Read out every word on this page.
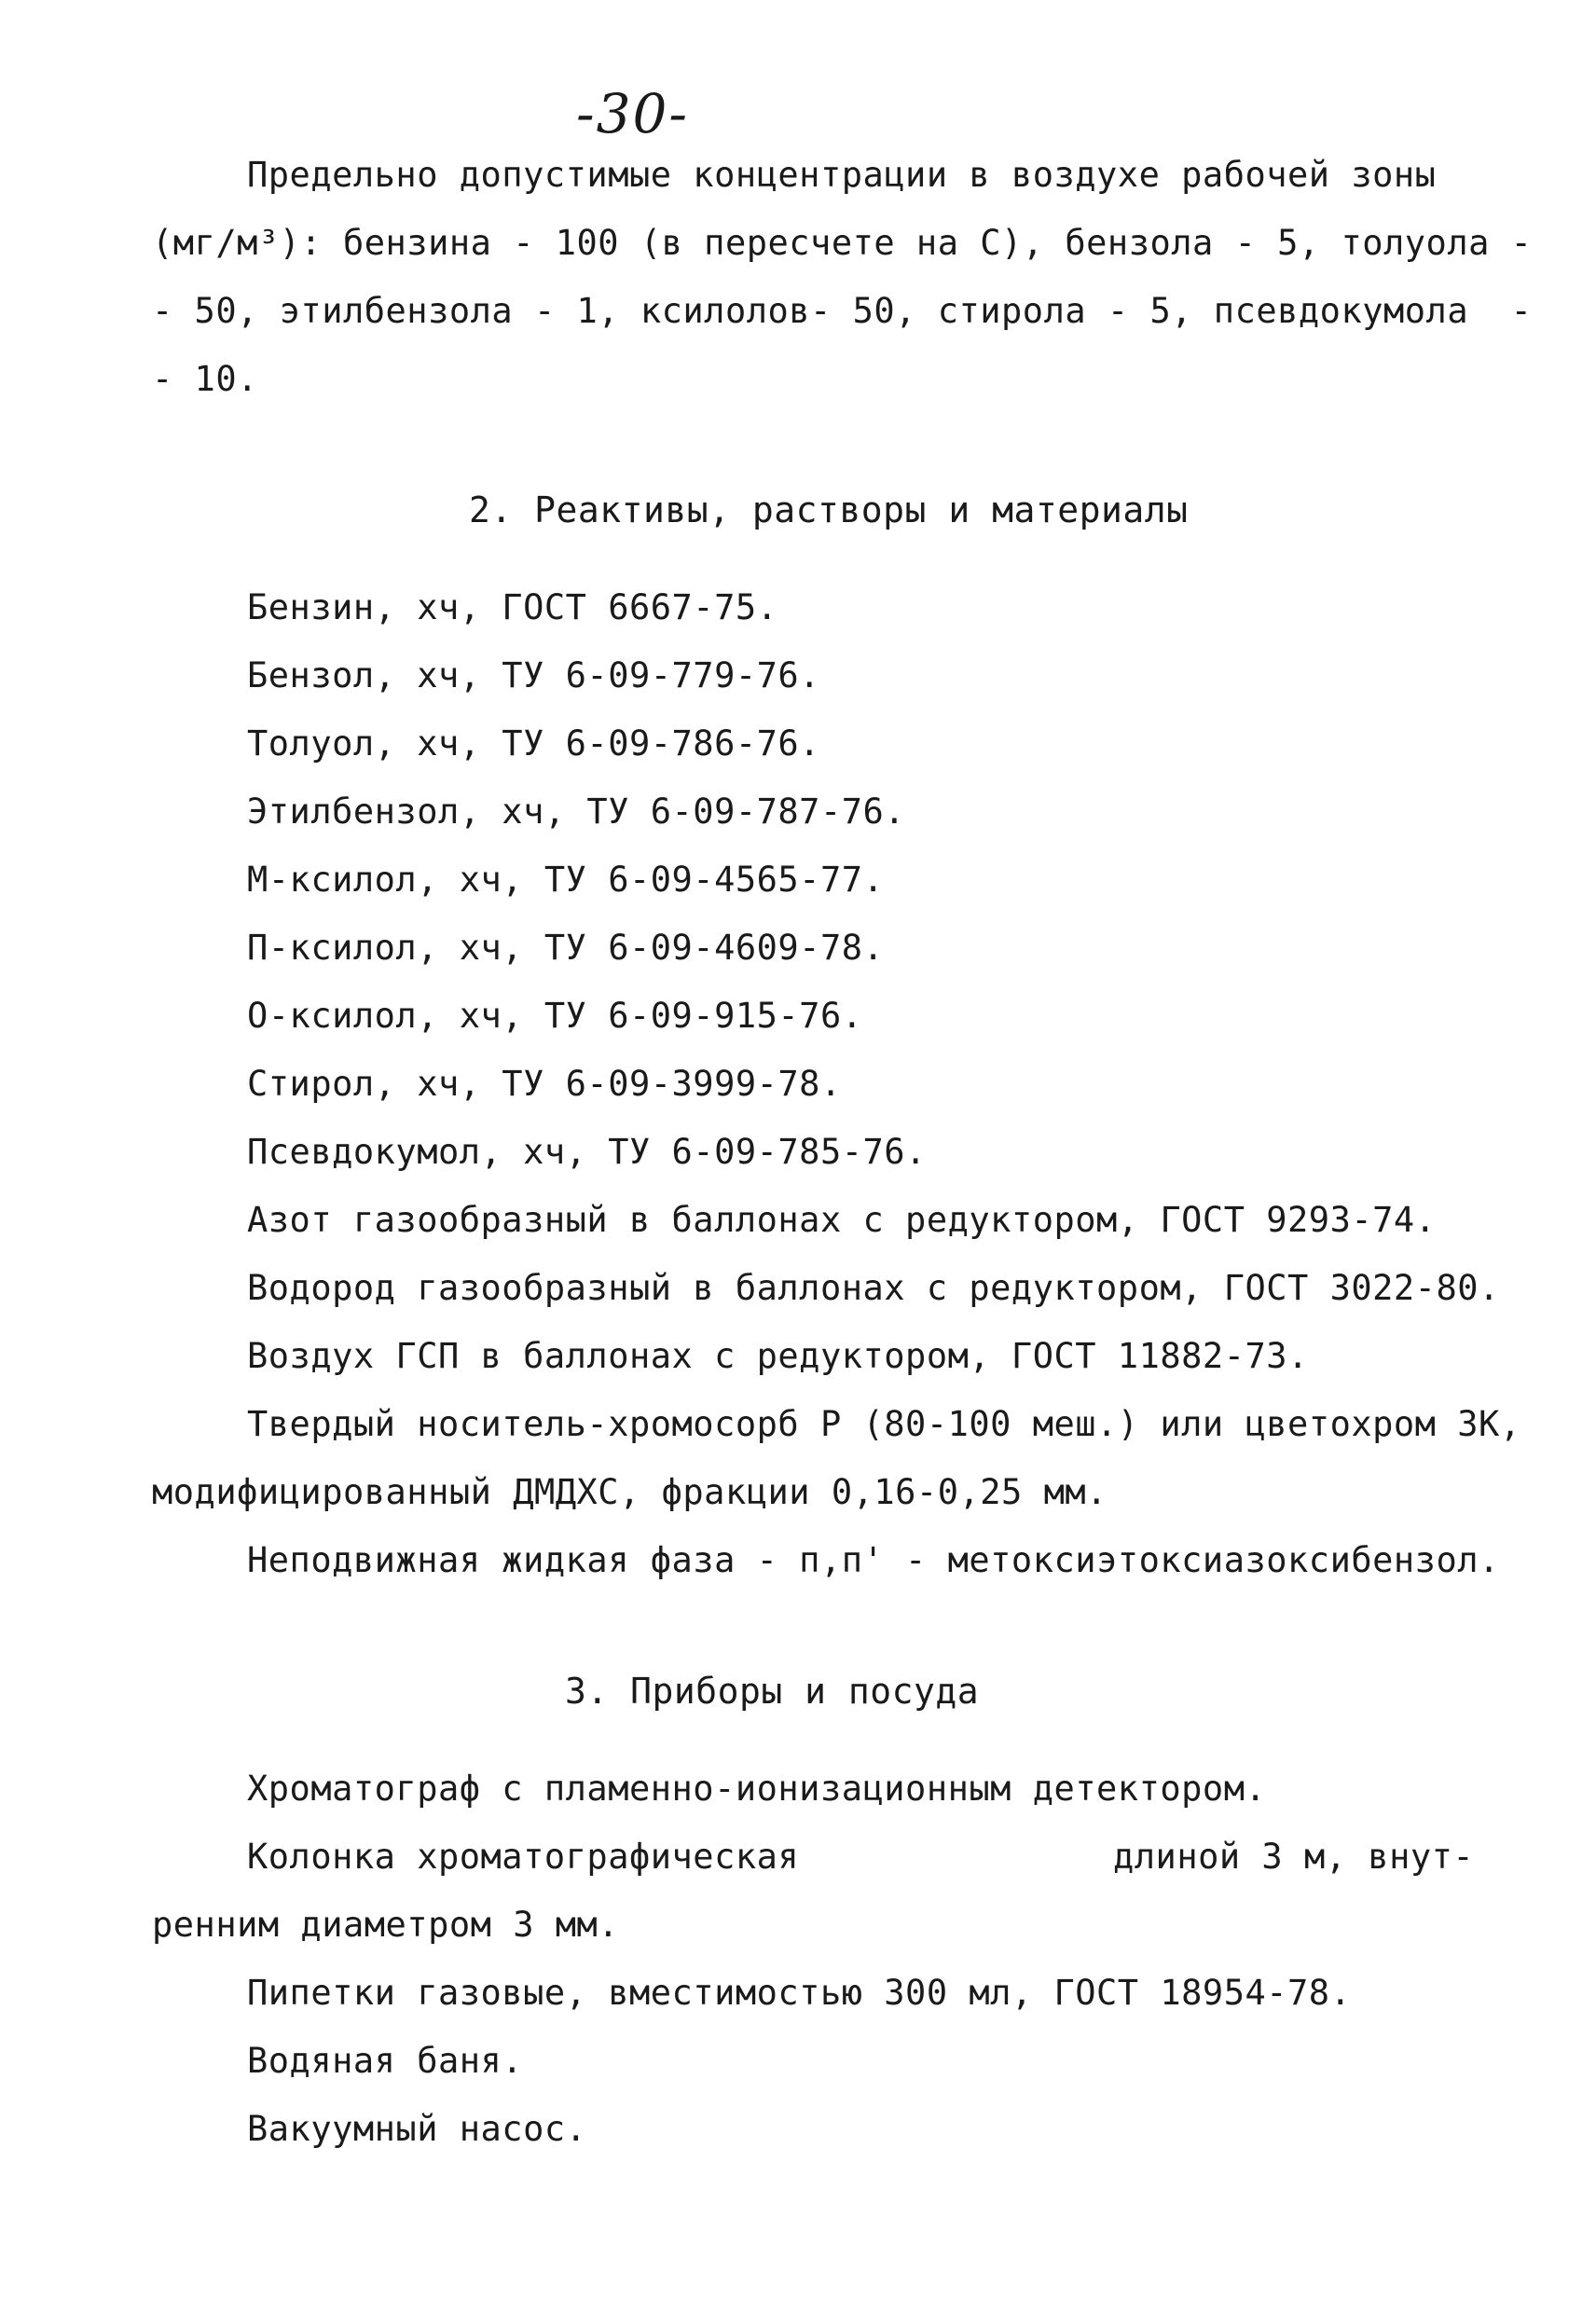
-30-
Предельно допустимые концентрации в воздухе рабочей зоны
(мг/м³): бензина - 100 (в пересчете на С), бензола - 5, толуола -
- 50, этилбензола - 1, ксилолов- 50, стирола - 5, псевдокумола  -
- 10.
2. Реактивы, растворы и материалы
Бензин, хч, ГОСТ 6667-75.
Бензол, хч, ТУ 6-09-779-76.
Толуол, хч, ТУ 6-09-786-76.
Этилбензол, хч, ТУ 6-09-787-76.
М-ксилол, хч, ТУ 6-09-4565-77.
П-ксилол, хч, ТУ 6-09-4609-78.
О-ксилол, хч, ТУ 6-09-915-76.
Стирол, хч, ТУ 6-09-3999-78.
Псевдокумол, хч, ТУ 6-09-785-76.
Азот газообразный в баллонах с редуктором, ГОСТ 9293-74.
Водород газообразный в баллонах с редуктором, ГОСТ 3022-80.
Воздух ГСП в баллонах с редуктором, ГОСТ 11882-73.
Твердый носитель-хромосорб Р (80-100 меш.) или цветохром ЗК,
модифицированный ДМДХС, фракции 0,16-0,25 мм.
Неподвижная жидкая фаза - п,п' - метоксиэтоксиазоксибензол.
3. Приборы и посуда
Хроматограф с пламенно-ионизационным детектором.
Колонка хроматографическая	длиной 3 м, внут-
ренним диаметром 3 мм.
Пипетки газовые, вместимостью 300 мл, ГОСТ 18954-78.
Водяная баня.
Вакуумный насос.
